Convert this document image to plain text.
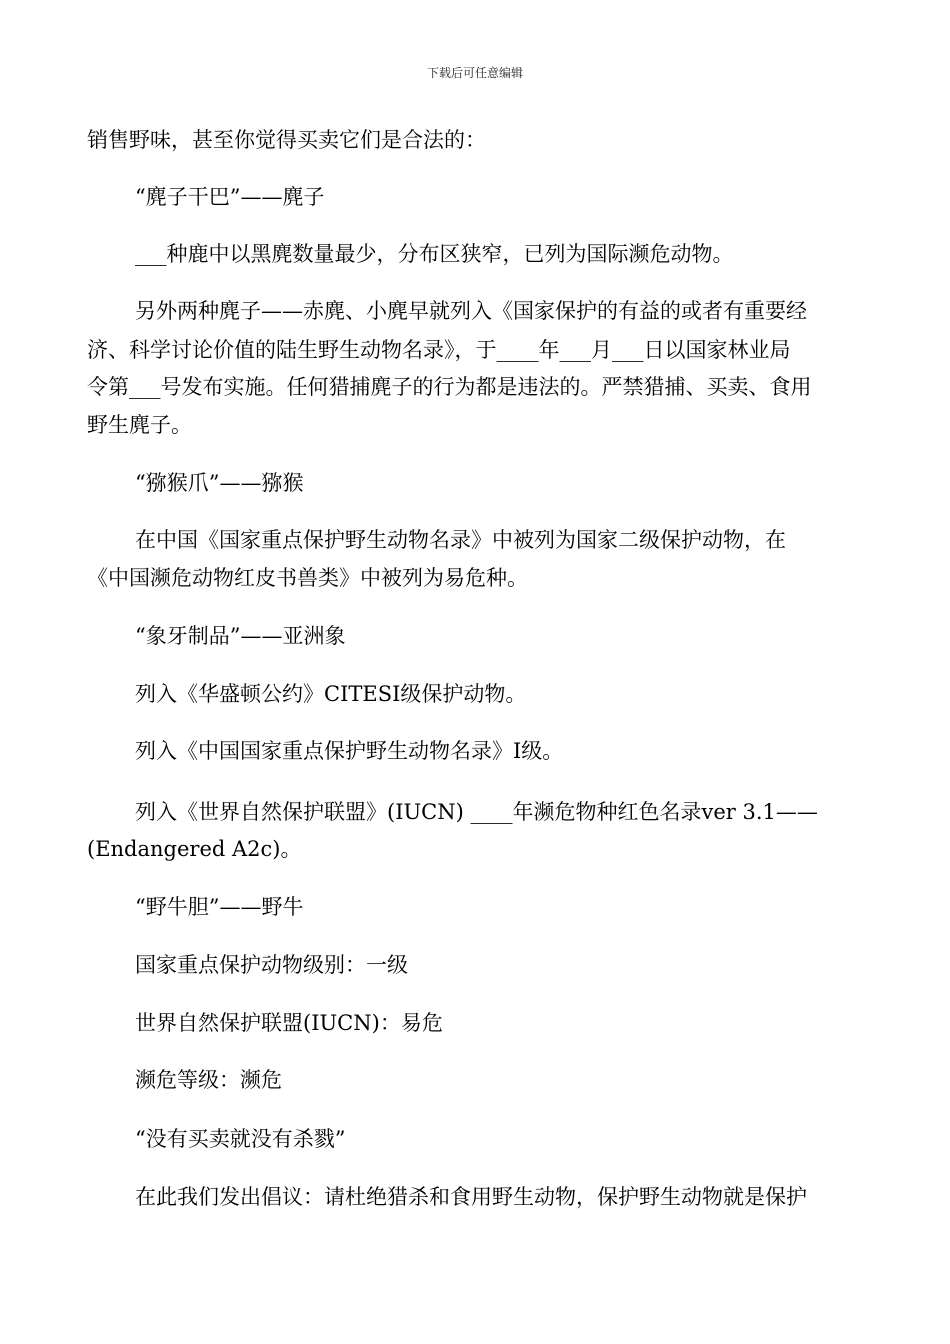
下载后可任意编辑
销售野味，甚至你觉得买卖它们是合法的：
“麂子干巴”——麂子
___种鹿中以黑麂数量最少，分布区狭窄，已列为国际濒危动物。
另外两种麂子——赤麂、小麂早就列入《国家保护的有益的或者有重要经
济、科学讨论价值的陆生野生动物名录》，于____年___月___日以国家林业局
令第___号发布实施。任何猎捕麂子的行为都是违法的。严禁猎捕、买卖、食用
野生麂子。
“猕猴爪”——猕猴
在中国《国家重点保护野生动物名录》中被列为国家二级保护动物，在
《中国濒危动物红皮书兽类》中被列为易危种。
“象牙制品”——亚洲象
列入《华盛顿公约》CITESⅠ级保护动物。
列入《中国国家重点保护野生动物名录》Ⅰ级。
列入《世界自然保护联盟》(IUCN) ____年濒危物种红色名录ver 3.1——
(Endangered A2c)。
“野牛胆”——野牛
国家重点保护动物级别：一级
世界自然保护联盟(IUCN)：易危
濒危等级：濒危
“没有买卖就没有杀戮”
在此我们发出倡议：请杜绝猎杀和食用野生动物，保护野生动物就是保护
